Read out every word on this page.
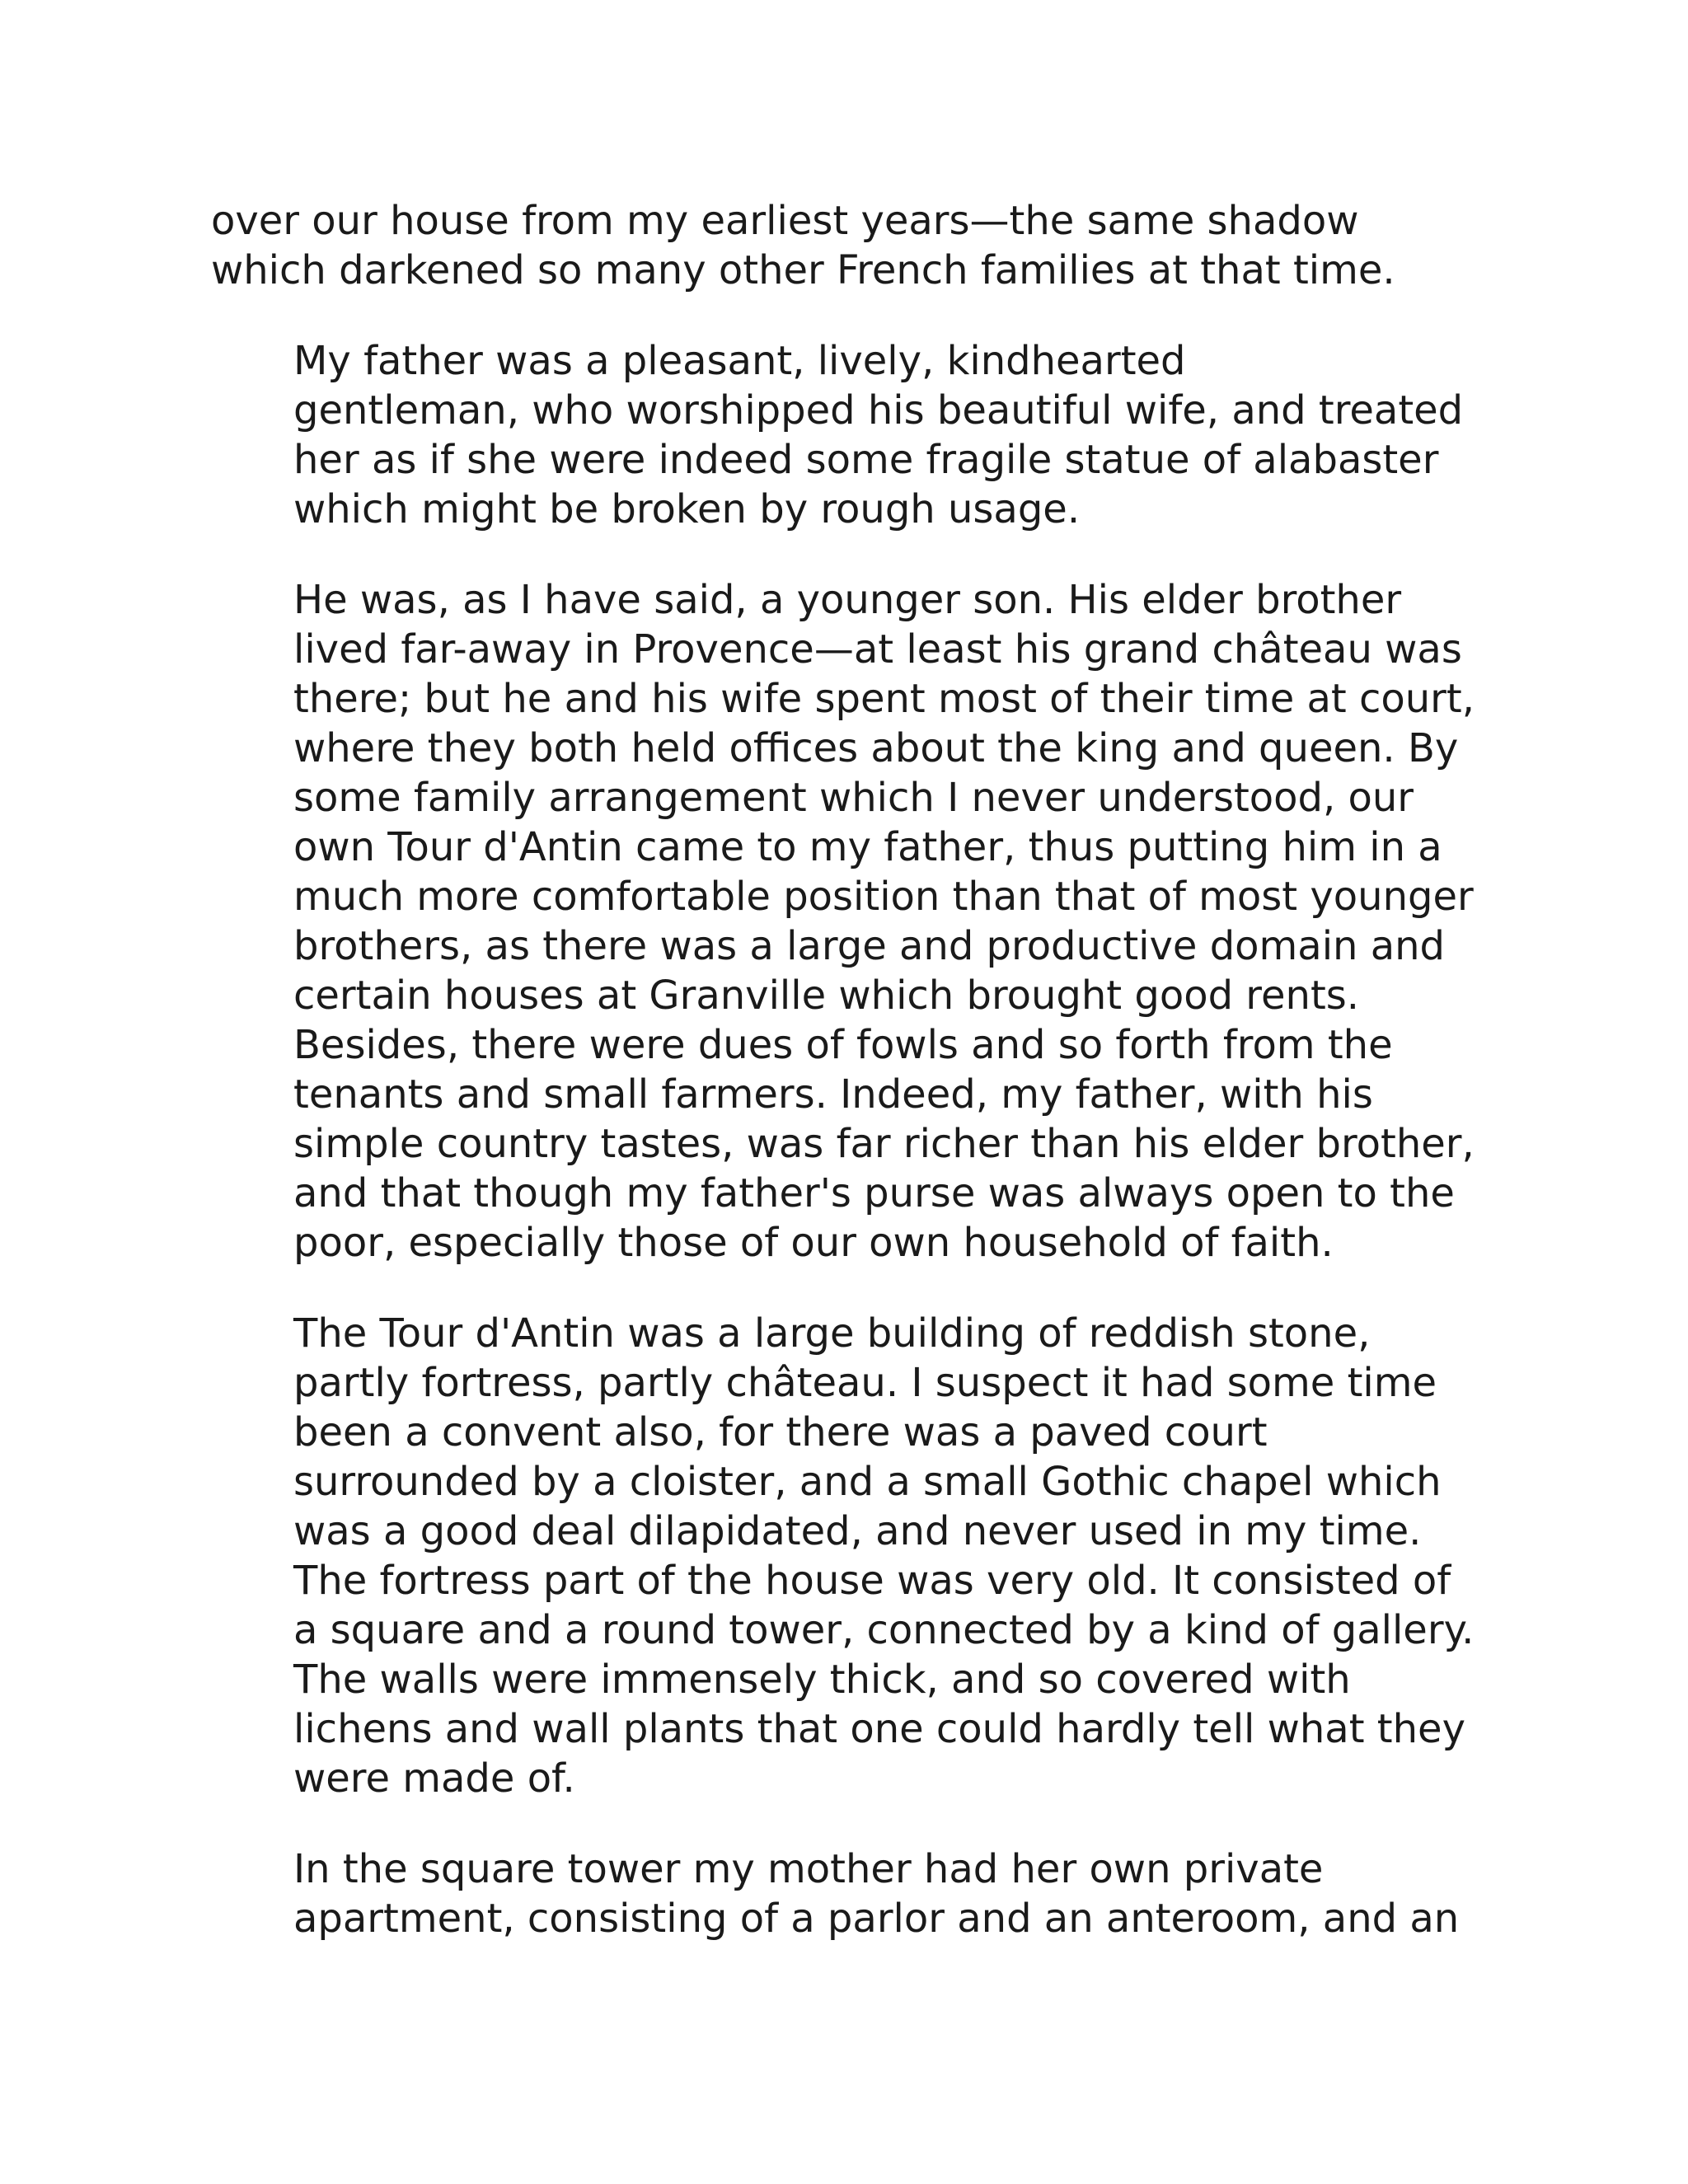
over our house from my earliest years—the same shadow
which darkened so many other French families at that time.

My father was a pleasant, lively, kindhearted
gentleman, who worshipped his beautiful wife, and treated
her as if she were indeed some fragile statue of alabaster
which might be broken by rough usage.

He was, as I have said, a younger son. His elder brother
lived far-away in Provence—at least his grand château was
there; but he and his wife spent most of their time at court,
where they both held offices about the king and queen. By
some family arrangement which I never understood, our
own Tour d'Antin came to my father, thus putting him in a
much more comfortable position than that of most younger
brothers, as there was a large and productive domain and
certain houses at Granville which brought good rents.
Besides, there were dues of fowls and so forth from the
tenants and small farmers. Indeed, my father, with his
simple country tastes, was far richer than his elder brother,
and that though my father's purse was always open to the
poor, especially those of our own household of faith.

The Tour d'Antin was a large building of reddish stone,
partly fortress, partly château. I suspect it had some time
been a convent also, for there was a paved court
surrounded by a cloister, and a small Gothic chapel which
was a good deal dilapidated, and never used in my time.
The fortress part of the house was very old. It consisted of
a square and a round tower, connected by a kind of gallery.
The walls were immensely thick, and so covered with
lichens and wall plants that one could hardly tell what they
were made of.

In the square tower my mother had her own private
apartment, consisting of a parlor and an anteroom, and an
